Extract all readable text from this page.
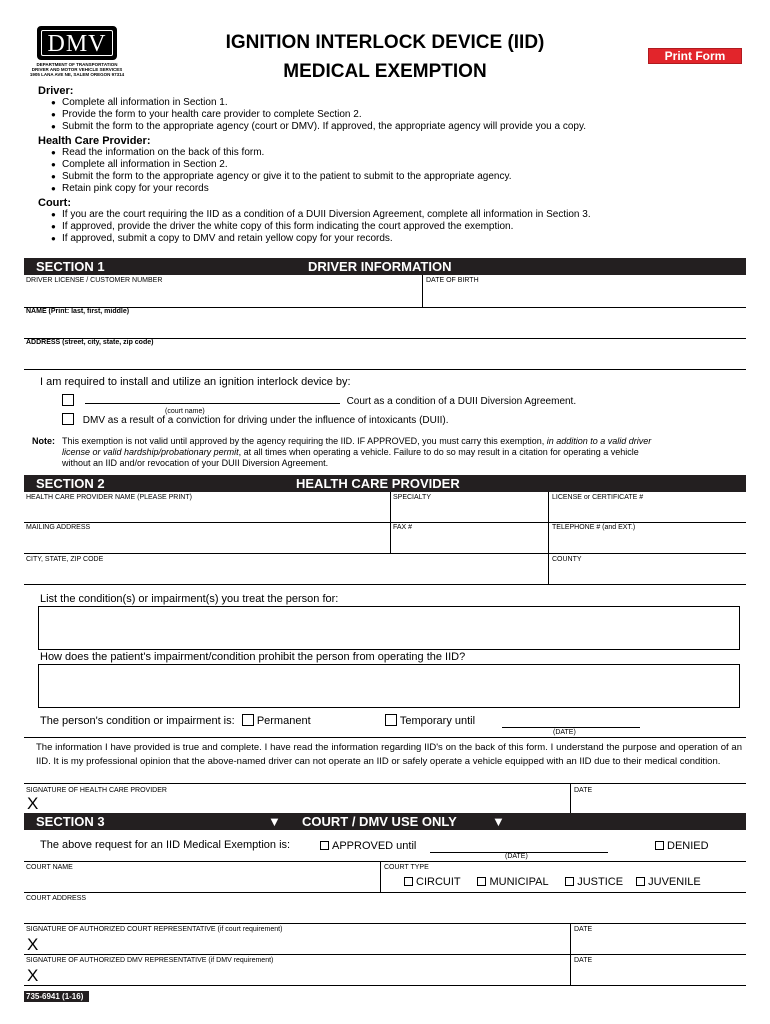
DMV
DEPARTMENT OF TRANSPORTATION
DRIVER AND MOTOR VEHICLE SERVICES
1905 LANA AVE NE, SALEM OREGON 97314
IGNITION INTERLOCK DEVICE (IID)
MEDICAL EXEMPTION
Print Form
Driver:
● Complete all information in Section 1.
● Provide the form to your health care provider to complete Section 2.
● Submit the form to the appropriate agency (court or DMV). If approved, the appropriate agency will provide you a copy.
Health Care Provider:
● Read the information on the back of this form.
● Complete all information in Section 2.
● Submit the form to the appropriate agency or give it to the patient to submit to the appropriate agency.
● Retain pink copy for your records
Court:
● If you are the court requiring the IID as a condition of a DUII Diversion Agreement, complete all information in Section 3.
● If approved, provide the driver the white copy of this form indicating the court approved the exemption.
● If approved, submit a copy to DMV and retain yellow copy for your records.
SECTION 1	DRIVER INFORMATION
DRIVER LICENSE / CUSTOMER NUMBER	DATE OF BIRTH
NAME (Print: last, first, middle)
ADDRESS (street, city, state, zip code)
I am required to install and utilize an ignition interlock device by:
Court as a condition of a DUII Diversion Agreement.
(court name)
DMV as a result of a conviction for driving under the influence of intoxicants (DUII).
Note: This exemption is not valid until approved by the agency requiring the IID. IF APPROVED, you must carry this exemption, in addition to a valid driver
license or valid hardship/probationary permit, at all times when operating a vehicle. Failure to do so may result in a citation for operating a vehicle
without an IID and/or revocation of your DUII Diversion Agreement.
SECTION 2	HEALTH CARE PROVIDER
HEALTH CARE PROVIDER NAME (PLEASE PRINT)	SPECIALTY	LICENSE or CERTIFICATE #
MAILING ADDRESS	FAX #	TELEPHONE # (and EXT.)
CITY, STATE, ZIP CODE	COUNTY
List the condition(s) or impairment(s) you treat the person for:
How does the patient's impairment/condition prohibit the person from operating the IID?
The person's condition or impairment is: Permanent	Temporary until
(DATE)
The information I have provided is true and complete. I have read the information regarding IID's on the back of this form. I understand the purpose and operation of an IID. It is my professional opinion that the above-named driver can not operate an IID or safely operate a vehicle equipped with an IID due to their medical condition.
SIGNATURE OF HEALTH CARE PROVIDER
X
DATE
SECTION 3	▼ COURT / DMV USE ONLY	▼
The above request for an IID Medical Exemption is:	APPROVED until
(DATE)
DENIED
COURT NAME	COURT TYPE
CIRCUIT	MUNICIPAL	JUSTICE JUVENILE
COURT ADDRESS
SIGNATURE OF AUTHORIZED COURT REPRESENTATIVE (if court requirement)
X
DATE
SIGNATURE OF AUTHORIZED DMV REPRESENTATIVE (if DMV requirement)
X
DATE
735-6941 (1-16)
